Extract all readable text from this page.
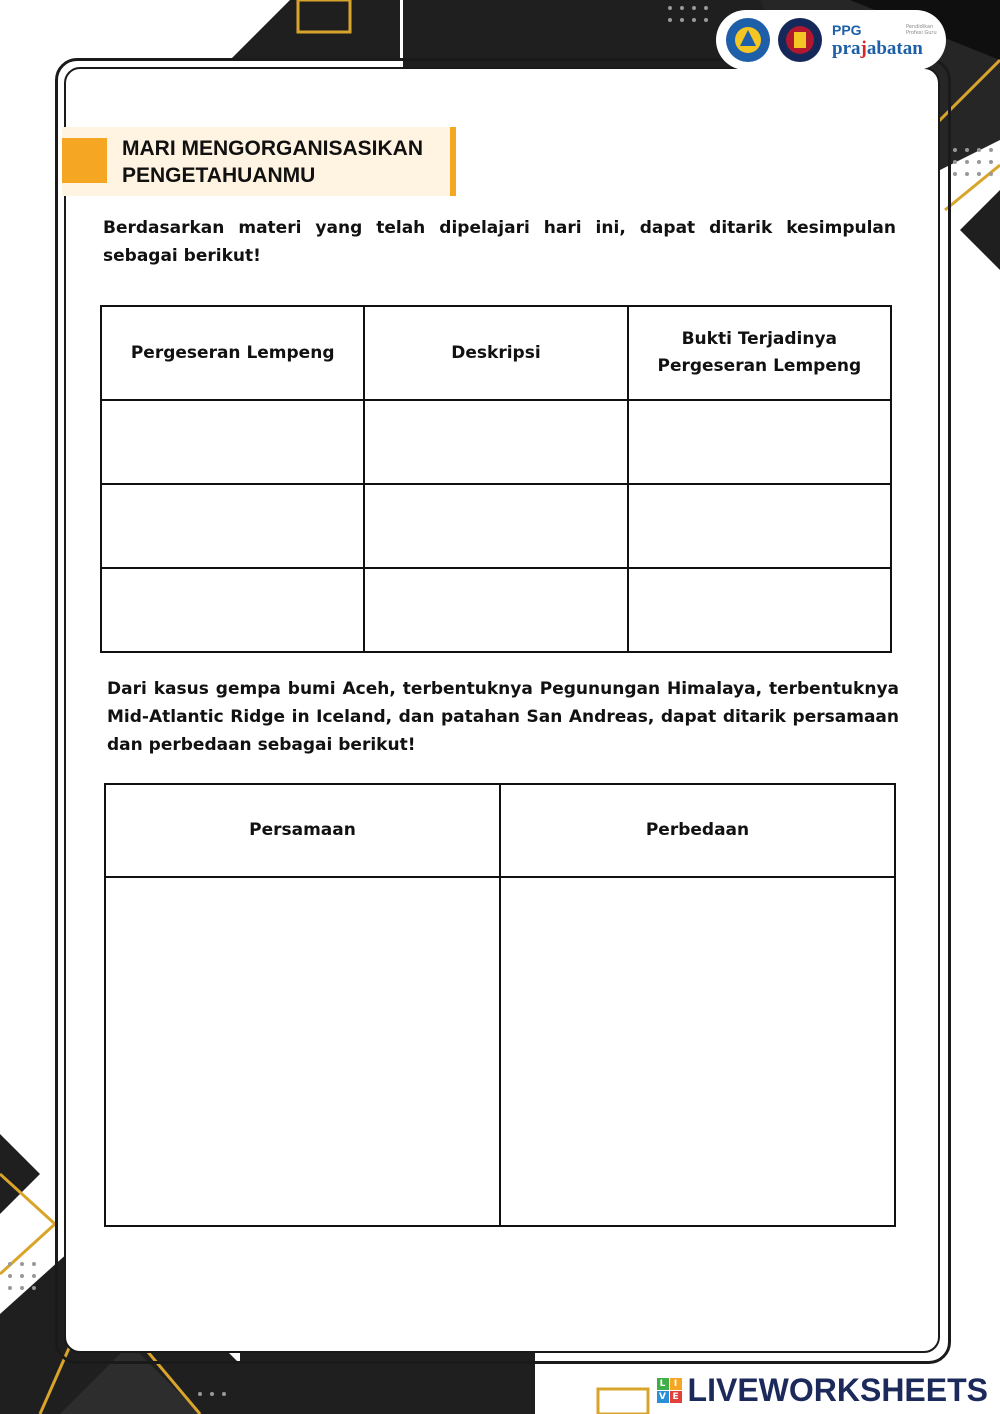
PPG
prajabatan
Pendidikan Profesi Guru
MARI MENGORGANISASIKAN
PENGETAHUANMU

Berdasarkan materi yang telah dipelajari hari ini, dapat ditarik kesimpulan sebagai berikut!

Pergeseran Lempeng	Deskripsi	Bukti Terjadinya Pergeseran Lempeng

Dari kasus gempa bumi Aceh, terbentuknya Pegunungan Himalaya, terbentuknya Mid-Atlantic Ridge in Iceland, dan patahan San Andreas, dapat ditarik persamaan dan perbedaan sebagai berikut!

Persamaan	Perbedaan

L I
V E LIVEWORKSHEETS
